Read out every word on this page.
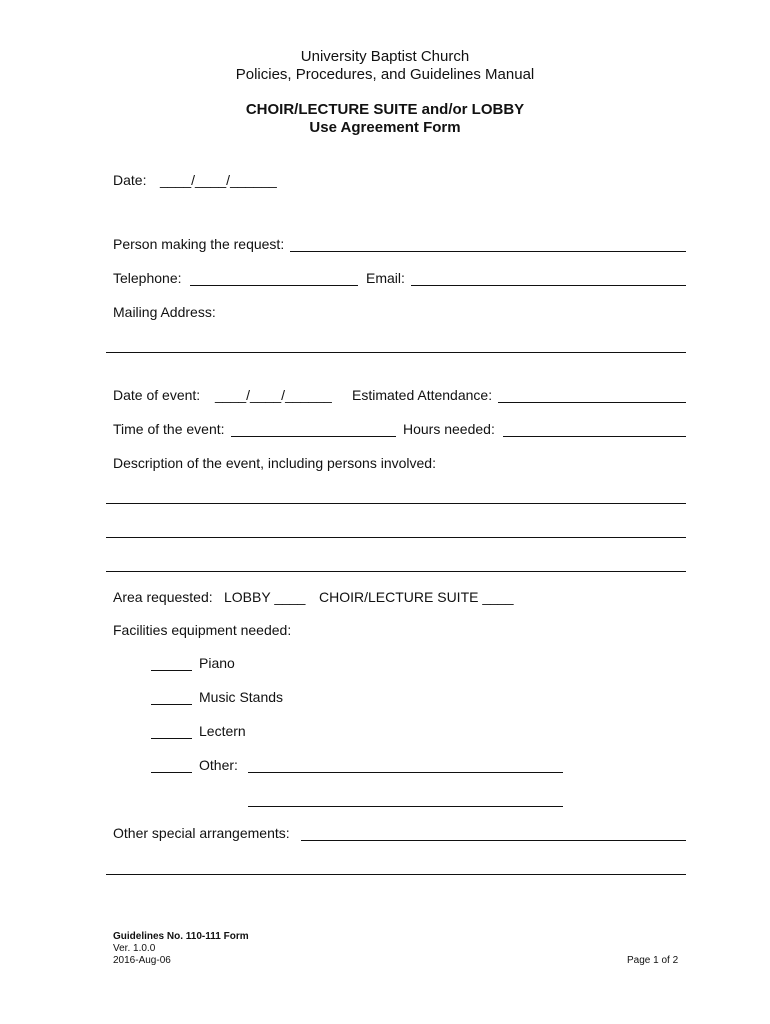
University Baptist Church
Policies, Procedures, and Guidelines Manual
CHOIR/LECTURE SUITE and/or LOBBY
Use Agreement Form
Date: ____/____/______
Person making the request:
Telephone:	Email:
Mailing Address:
Date of event: ____/____/______ Estimated Attendance:
Time of the event:	Hours needed:
Description of the event, including persons involved:
Area requested: LOBBY ____ CHOIR/LECTURE SUITE ____
Facilities equipment needed:
Piano
Music Stands
Lectern
Other:
Other special arrangements:
Guidelines No. 110-111 Form
Ver. 1.0.0
2016-Aug-06	Page 1 of 2
